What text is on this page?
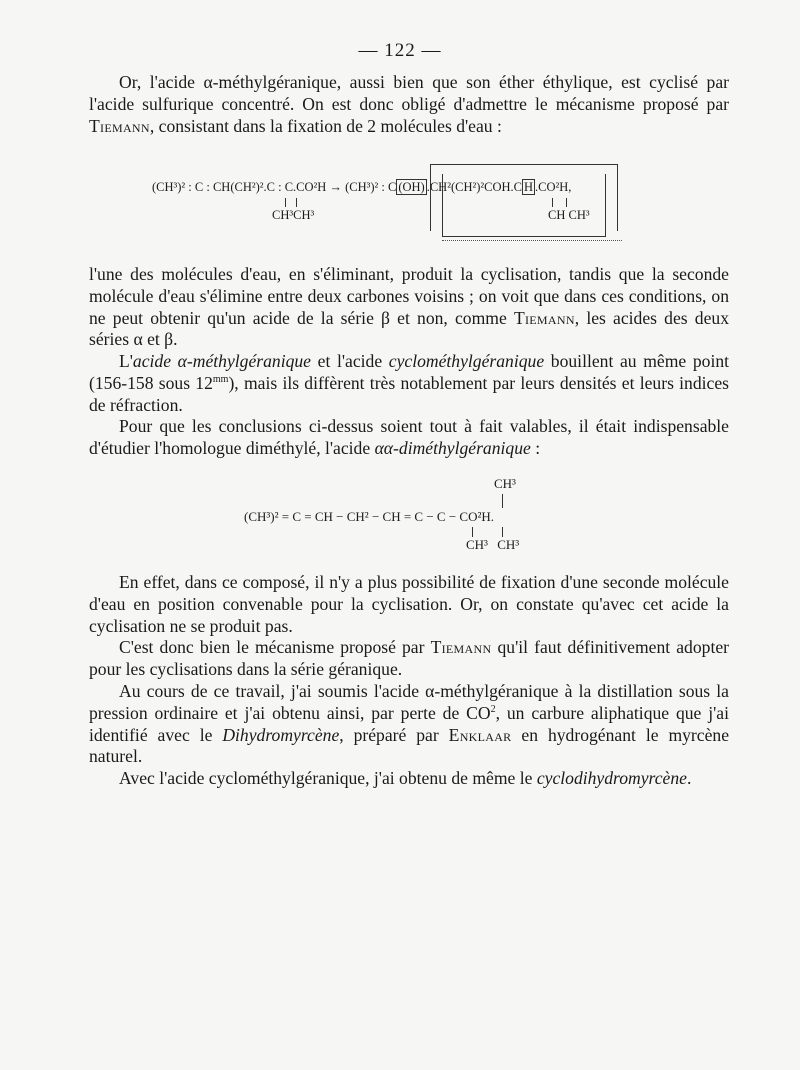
— 122 —

Or, l'acide α-méthylgéranique, aussi bien que son éther éthylique, est cyclisé par l'acide sulfurique concentré. On est donc obligé d'admettre le mécanisme proposé par Tiemann, consistant dans la fixation de 2 molécules d'eau :

(CH³)² : C : CH(CH²)².C : C.CO²H → (CH³)² : C (OH) .CH²(CH²)²COH.C H .CO²H,
CH³CH³	CH CH³

l'une des molécules d'eau, en s'éliminant, produit la cyclisation, tandis que la seconde molécule d'eau s'élimine entre deux carbones voisins ; on voit que dans ces conditions, on ne peut obtenir qu'un acide de la série β et non, comme Tiemann, les acides des deux séries α et β.

L'acide α-méthylgéranique et l'acide cyclométhylgéranique bouillent au même point (156-158 sous $12^{mm}$), mais ils diffèrent très notablement par leurs densités et leurs indices de réfraction.

Pour que les conclusions ci-dessus soient tout à fait valables, il était indispensable d'étudier l'homologue diméthylé, l'acide αα-diméthylgéranique :

CH³
(CH³)² = C = CH − CH² − CH = C − C − CO²H.
CH³ CH³

En effet, dans ce composé, il n'y a plus possibilité de fixation d'une seconde molécule d'eau en position convenable pour la cyclisation. Or, on constate qu'avec cet acide la cyclisation ne se produit pas.

C'est donc bien le mécanisme proposé par Tiemann qu'il faut définitivement adopter pour les cyclisations dans la série géranique.

Au cours de ce travail, j'ai soumis l'acide α-méthylgéranique à la distillation sous la pression ordinaire et j'ai obtenu ainsi, par perte de $CO^2$, un carbure aliphatique que j'ai identifié avec le Dihydromyrcène, préparé par Enklaar en hydrogénant le myrcène naturel.

Avec l'acide cyclométhylgéranique, j'ai obtenu de même le cyclodihydromyrcène.
